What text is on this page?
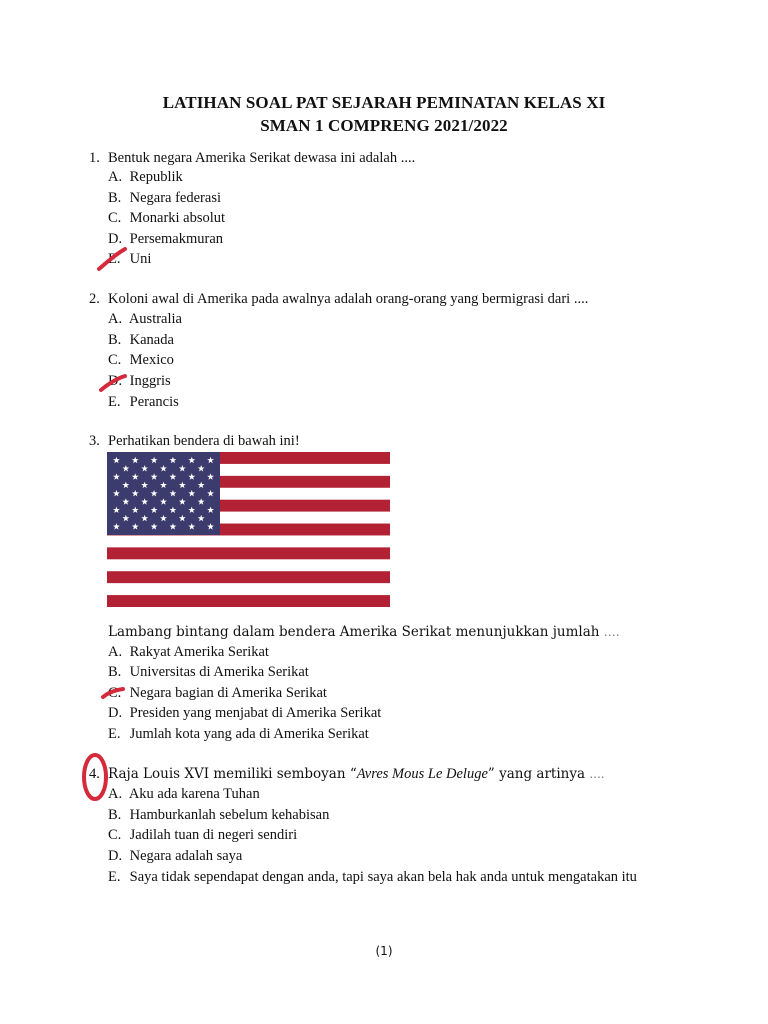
LATIHAN SOAL PAT SEJARAH PEMINATAN KELAS XI
SMAN 1 COMPRENG 2021/2022
1. Bentuk negara Amerika Serikat dewasa ini adalah ....
A. Republik
B. Negara federasi
C. Monarki absolut
D. Persemakmuran
E. Uni
2. Koloni awal di Amerika pada awalnya adalah orang-orang yang bermigrasi dari ....
A. Australia
B. Kanada
C. Mexico
D. Inggris
E. Perancis
3. Perhatikan bendera di bawah ini!
Lambang bintang dalam bendera Amerika Serikat menunjukkan jumlah ….
A. Rakyat Amerika Serikat
B. Universitas di Amerika Serikat
C. Negara bagian di Amerika Serikat
D. Presiden yang menjabat di Amerika Serikat
E. Jumlah kota yang ada di Amerika Serikat
4. Raja Louis XVI memiliki semboyan “Avres Mous Le Deluge” yang artinya ....
A. Aku ada karena Tuhan
B. Hamburkanlah sebelum kehabisan
C. Jadilah tuan di negeri sendiri
D. Negara adalah saya
E. Saya tidak sependapat dengan anda, tapi saya akan bela hak anda untuk mengatakan itu
(1)
